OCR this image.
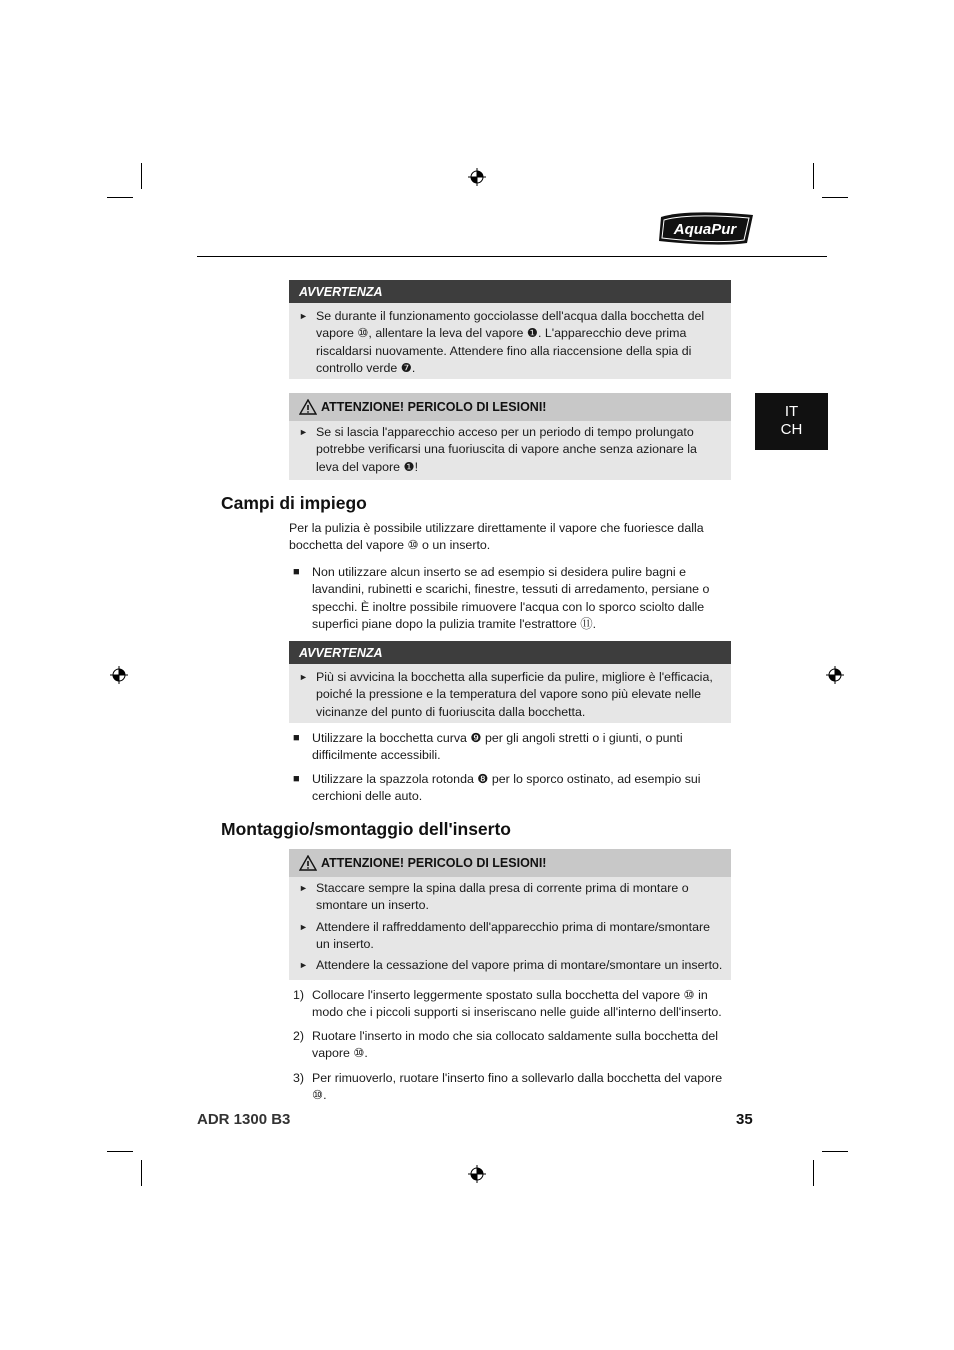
AquaPur
IT
CH
AVVERTENZA
► Se durante il funzionamento gocciolasse dell'acqua dalla bocchetta del vapore ⑩, allentare la leva del vapore ❶. L'apparecchio deve prima riscaldarsi nuovamente. Attendere fino alla riaccensione della spia di controllo verde ❼.
ATTENZIONE! PERICOLO DI LESIONI!
► Se si lascia l'apparecchio acceso per un periodo di tempo prolungato potrebbe verificarsi una fuoriuscita di vapore anche senza azionare la leva del vapore ❶!
Campi di impiego
Per la pulizia è possibile utilizzare direttamente il vapore che fuoriesce dalla bocchetta del vapore ⑩ o un inserto.
■ Non utilizzare alcun inserto se ad esempio si desidera pulire bagni e lavandini, rubinetti e scarichi, finestre, tessuti di arredamento, persiane o specchi. È inoltre possibile rimuovere l'acqua con lo sporco sciolto dalle superfici piane dopo la pulizia tramite l'estrattore ⑪.
AVVERTENZA
► Più si avvicina la bocchetta alla superficie da pulire, migliore è l'efficacia, poiché la pressione e la temperatura del vapore sono più elevate nelle vicinanze del punto di fuoriuscita dalla bocchetta.
■ Utilizzare la bocchetta curva ❾ per gli angoli stretti o i giunti, o punti difficilmente accessibili.
■ Utilizzare la spazzola rotonda ❽ per lo sporco ostinato, ad esempio sui cerchioni delle auto.
Montaggio/smontaggio dell'inserto
ATTENZIONE! PERICOLO DI LESIONI!
► Staccare sempre la spina dalla presa di corrente prima di montare o smontare un inserto.
► Attendere il raffreddamento dell'apparecchio prima di montare/smontare un inserto.
► Attendere la cessazione del vapore prima di montare/smontare un inserto.
1) Collocare l'inserto leggermente spostato sulla bocchetta del vapore ⑩ in modo che i piccoli supporti si inseriscano nelle guide all'interno dell'inserto.
2) Ruotare l'inserto in modo che sia collocato saldamente sulla bocchetta del vapore ⑩.
3) Per rimuoverlo, ruotare l'inserto fino a sollevarlo dalla bocchetta del vapore ⑩.
ADR 1300 B3	35
